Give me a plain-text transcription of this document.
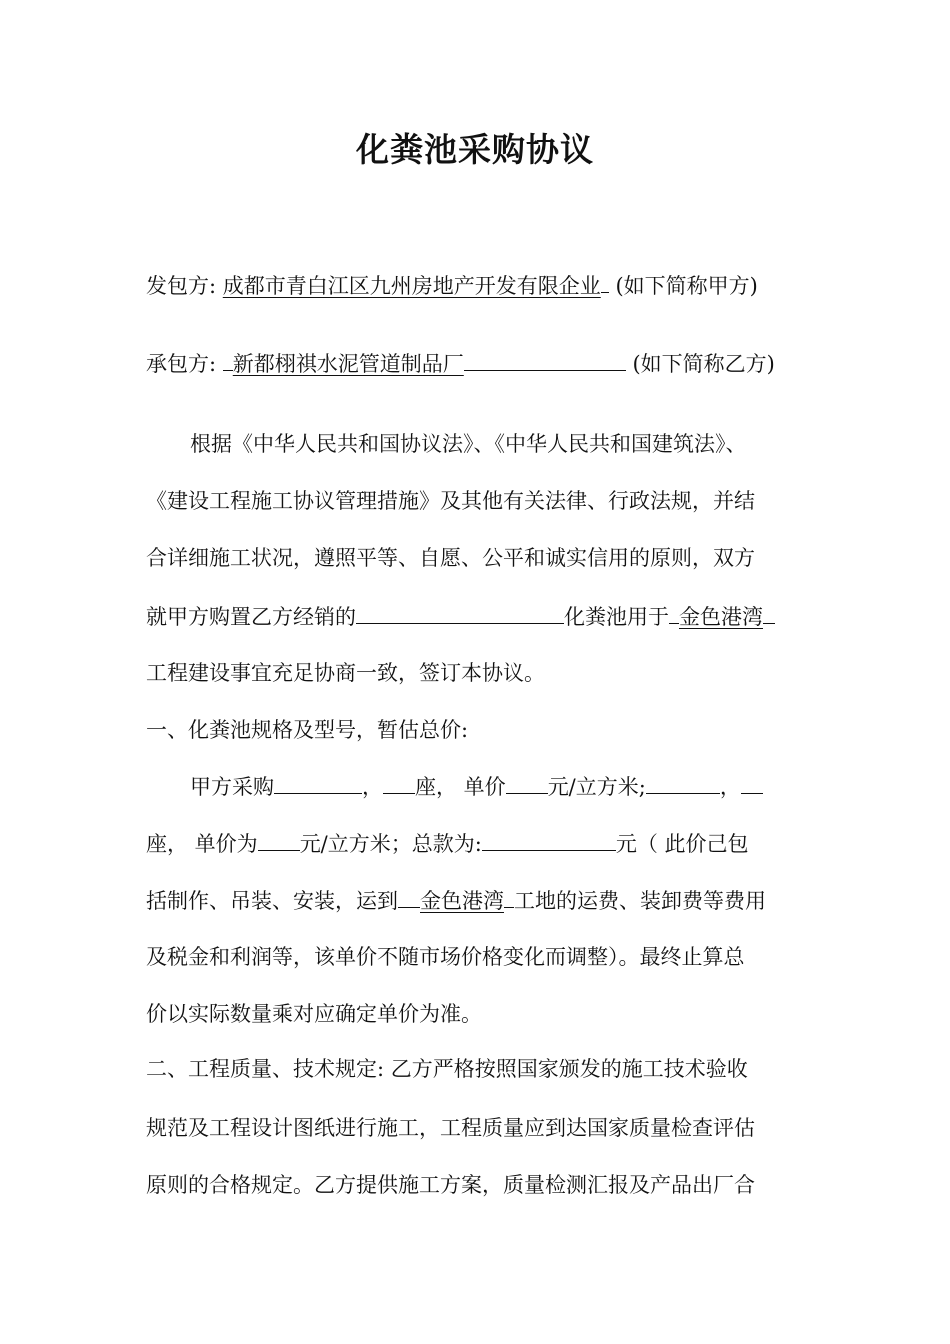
化粪池采购协议
发包方: 成都市青白江区九州房地产开发有限企业 (如下简称甲方)
承包方: 新都栩祺水泥管道制品厂	(如下简称乙方)
根据《中华人民共和国协议法》、《中华人民共和国建筑法》、
《建设工程施工协议管理措施》及其他有关法律、行政法规，并结
合详细施工状况，遵照平等、自愿、公平和诚实信用的原则，双方
就甲方购置乙方经销的	化粪池用于 金色港湾
工程建设事宜充足协商一致，签订本协议。
一、化粪池规格及型号，暂估总价:
甲方采购	， 座， 单价 元/立方米;	，
座， 单价为 元/立方米；总款为:	元（ 此价己包
括制作、吊装、安装，运到 金色港湾 工地的运费、装卸费等费用
及税金和利润等，该单价不随市场价格变化而调整）。最终止算总
价以实际数量乘对应确定单价为准。
二、工程质量、技术规定: 乙方严格按照国家颁发的施工技术验收
规范及工程设计图纸进行施工，工程质量应到达国家质量检查评估
原则的合格规定。乙方提供施工方案，质量检测汇报及产品出厂合
